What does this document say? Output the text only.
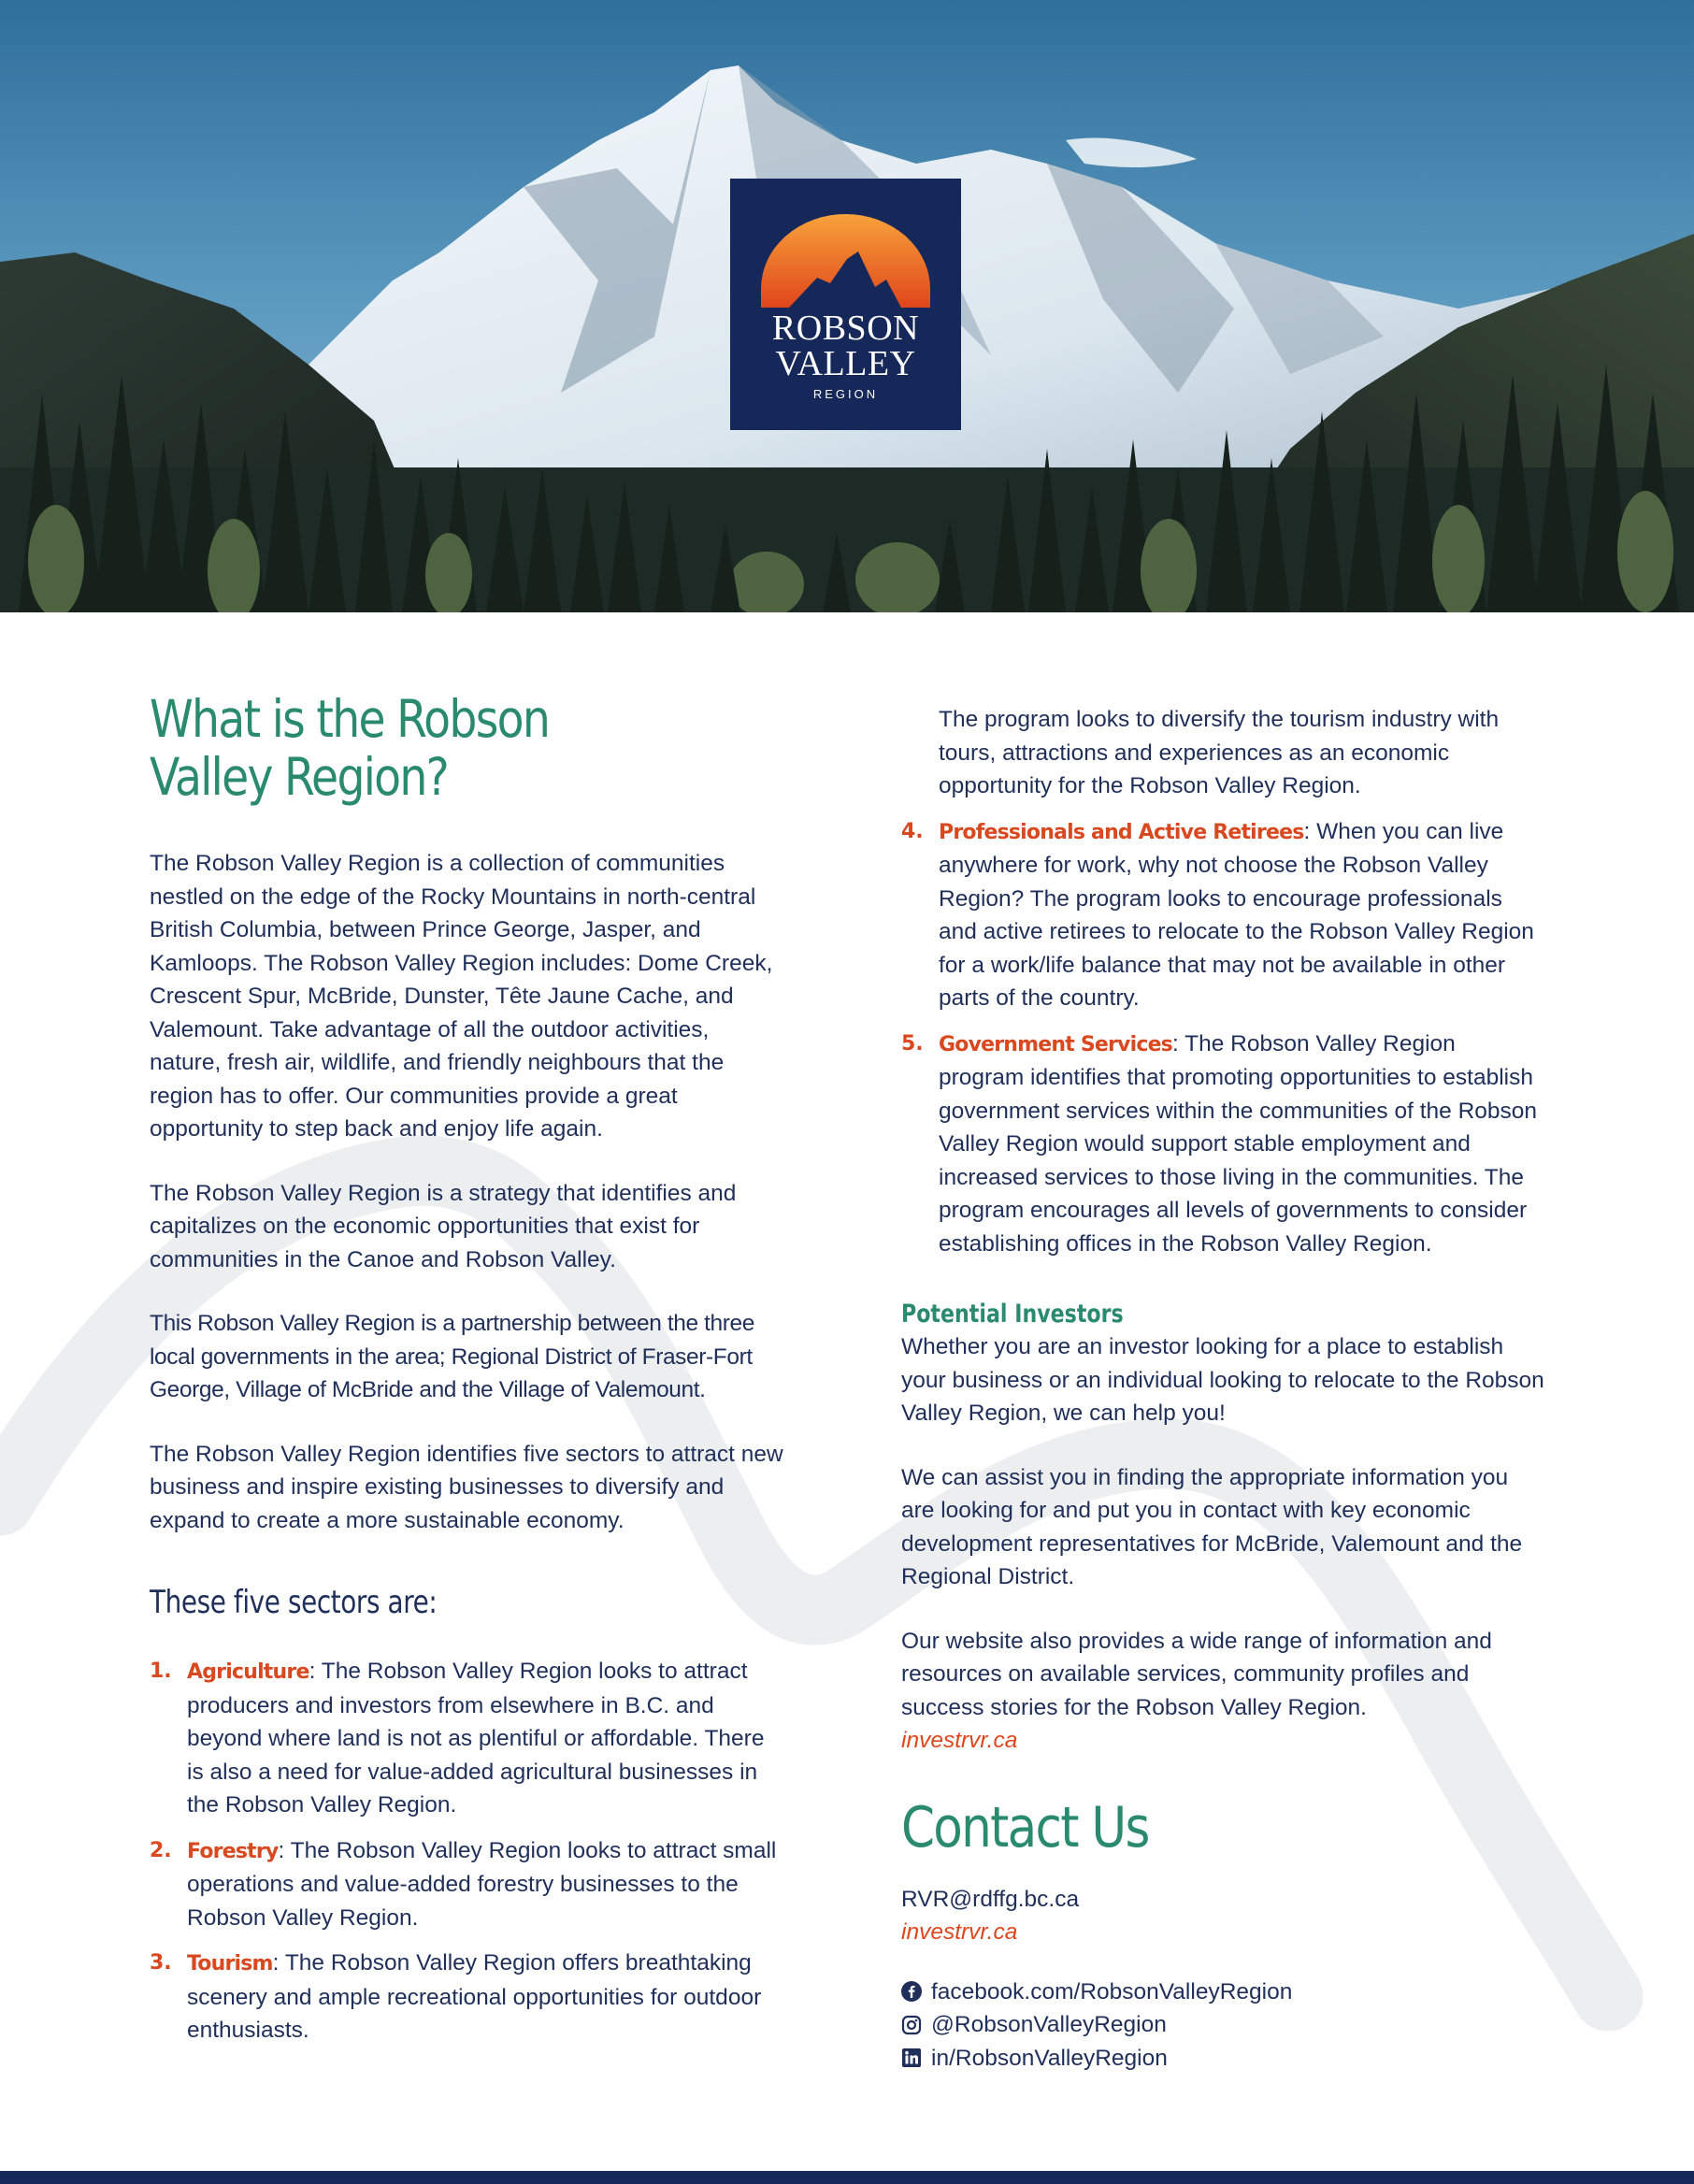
ROBSON
VALLEY
REGION
What is the Robson Valley Region?

The Robson Valley Region is a collection of communities nestled on the edge of the Rocky Mountains in north-central British Columbia, between Prince George, Jasper, and Kamloops. The Robson Valley Region includes: Dome Creek, Crescent Spur, McBride, Dunster, Tête Jaune Cache, and Valemount. Take advantage of all the outdoor activities, nature, fresh air, wildlife, and friendly neighbours that the region has to offer. Our communities provide a great opportunity to step back and enjoy life again.

The Robson Valley Region is a strategy that identifies and capitalizes on the economic opportunities that exist for communities in the Canoe and Robson Valley.

This Robson Valley Region is a partnership between the three local governments in the area; Regional District of Fraser-Fort George, Village of McBride and the Village of Valemount.

The Robson Valley Region identifies five sectors to attract new business and inspire existing businesses to diversify and expand to create a more sustainable economy.

These five sectors are:
1. Agriculture: The Robson Valley Region looks to attract producers and investors from elsewhere in B.C. and beyond where land is not as plentiful or affordable. There is also a need for value-added agricultural businesses in the Robson Valley Region.
2. Forestry: The Robson Valley Region looks to attract small operations and value-added forestry businesses to the Robson Valley Region.
3. Tourism: The Robson Valley Region offers breathtaking scenery and ample recreational opportunities for outdoor enthusiasts.
The program looks to diversify the tourism industry with tours, attractions and experiences as an economic opportunity for the Robson Valley Region.
4. Professionals and Active Retirees: When you can live anywhere for work, why not choose the Robson Valley Region? The program looks to encourage professionals and active retirees to relocate to the Robson Valley Region for a work/life balance that may not be available in other parts of the country.
5. Government Services: The Robson Valley Region program identifies that promoting opportunities to establish government services within the communities of the Robson Valley Region would support stable employment and increased services to those living in the communities. The program encourages all levels of governments to consider establishing offices in the Robson Valley Region.
Potential Investors

Whether you are an investor looking for a place to establish your business or an individual looking to relocate to the Robson Valley Region, we can help you!

We can assist you in finding the appropriate information you are looking for and put you in contact with key economic development representatives for McBride, Valemount and the Regional District.

Our website also provides a wide range of information and resources on available services, community profiles and success stories for the Robson Valley Region.

investrvr.ca
Contact Us
RVR@rdffg.bc.ca
investrvr.ca
facebook.com/RobsonValleyRegion
@RobsonValleyRegion
in/RobsonValleyRegion
